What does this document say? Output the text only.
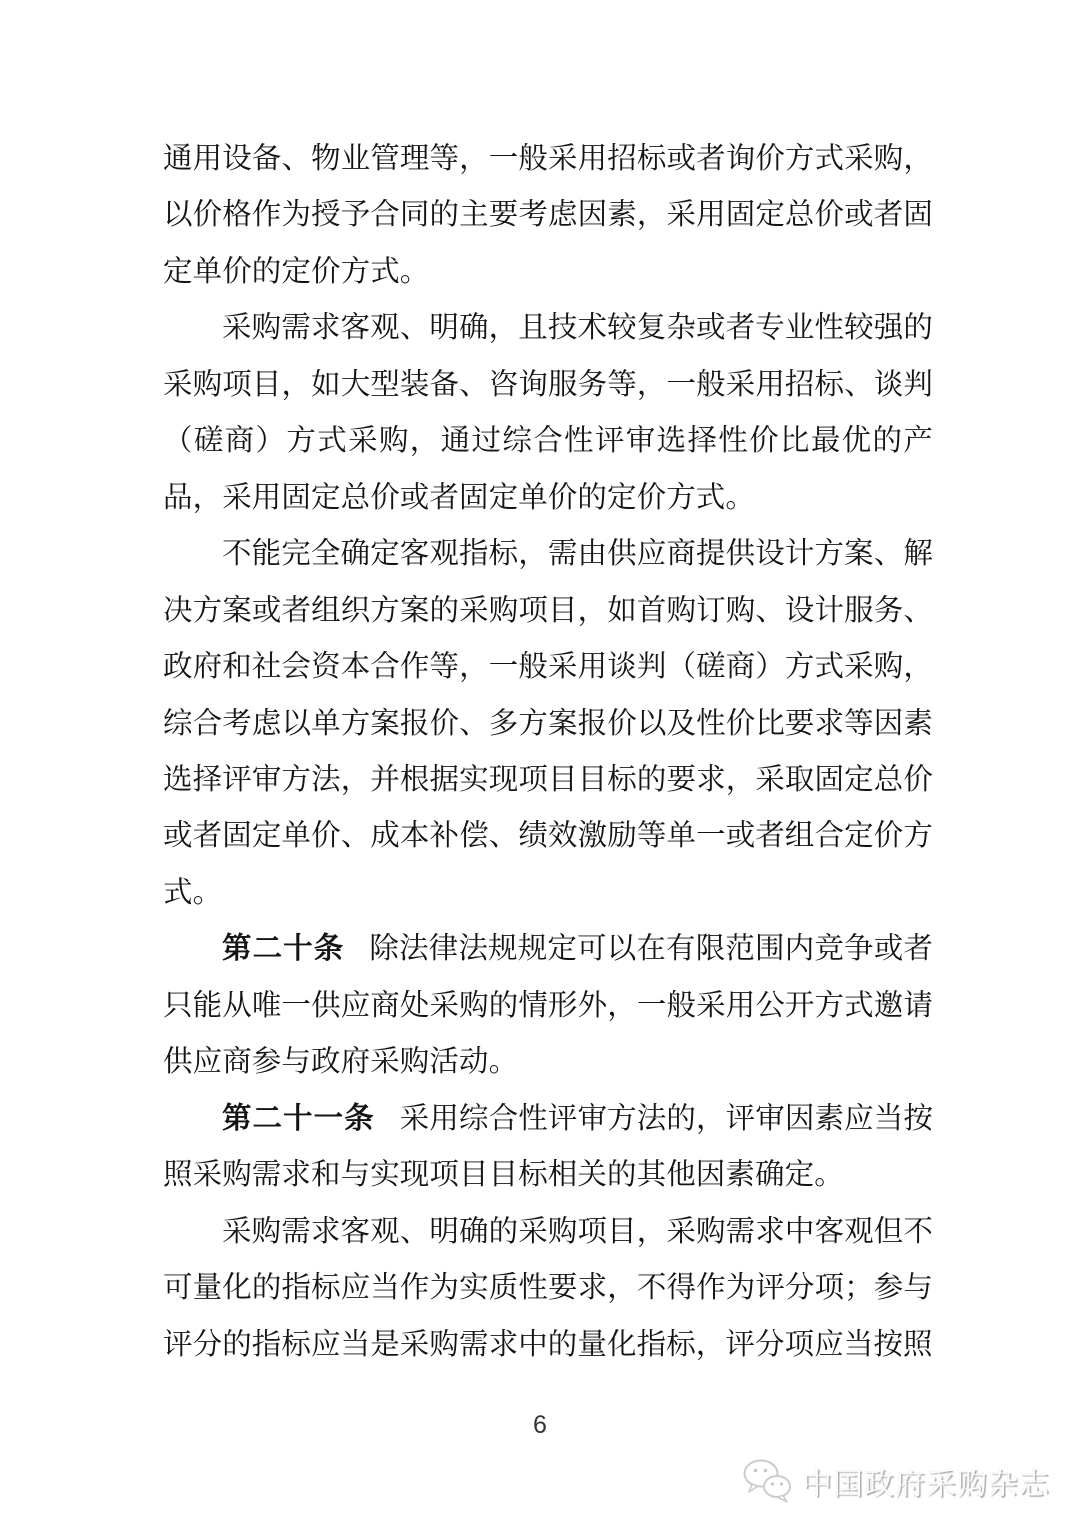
通用设备、物业管理等，一般采用招标或者询价方式采购，以价格作为授予合同的主要考虑因素，采用固定总价或者固定单价的定价方式。

采购需求客观、明确，且技术较复杂或者专业性较强的采购项目，如大型装备、咨询服务等，一般采用招标、谈判（磋商）方式采购，通过综合性评审选择性价比最优的产品，采用固定总价或者固定单价的定价方式。

不能完全确定客观指标，需由供应商提供设计方案、解决方案或者组织方案的采购项目，如首购订购、设计服务、政府和社会资本合作等，一般采用谈判（磋商）方式采购，综合考虑以单方案报价、多方案报价以及性价比要求等因素选择评审方法，并根据实现项目目标的要求，采取固定总价或者固定单价、成本补偿、绩效激励等单一或者组合定价方式。

第二十条 除法律法规规定可以在有限范围内竞争或者只能从唯一供应商处采购的情形外，一般采用公开方式邀请供应商参与政府采购活动。

第二十一条 采用综合性评审方法的，评审因素应当按照采购需求和与实现项目目标相关的其他因素确定。

采购需求客观、明确的采购项目，采购需求中客观但不可量化的指标应当作为实质性要求，不得作为评分项；参与评分的指标应当是采购需求中的量化指标，评分项应当按照

6
中国政府采购杂志
